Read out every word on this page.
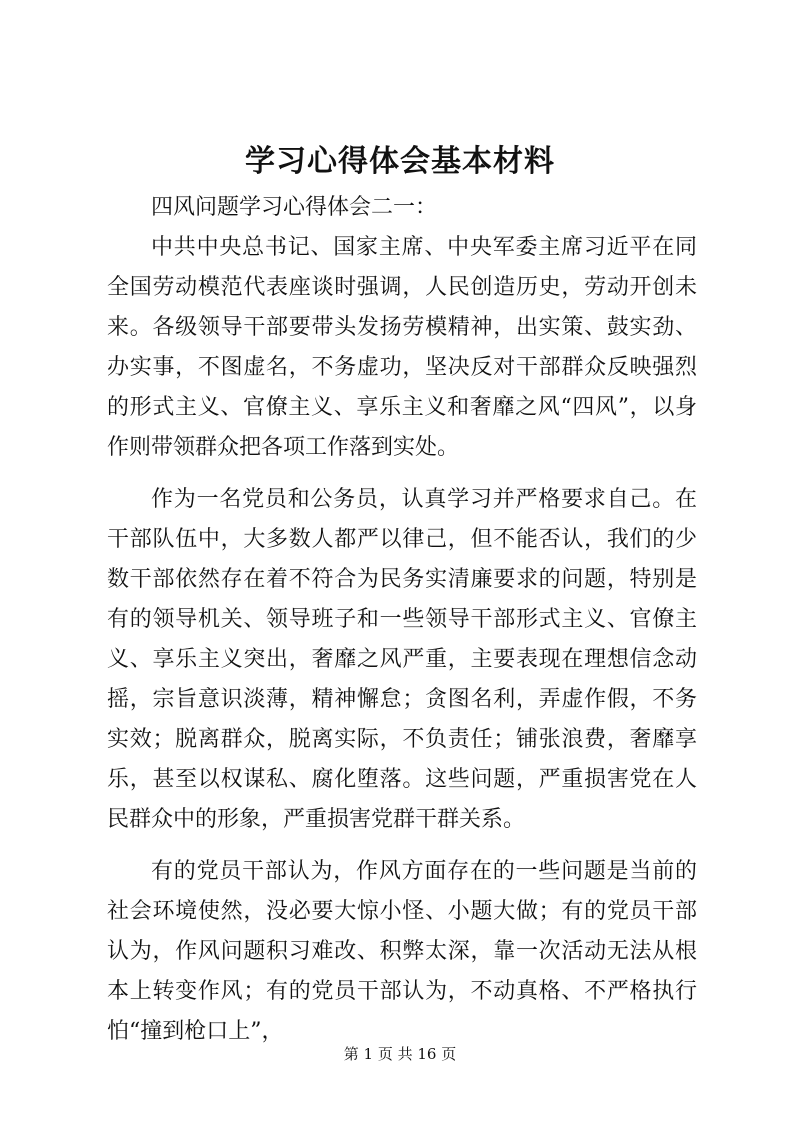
学习心得体会基本材料

四风问题学习心得体会二一：

中共中央总书记、国家主席、中央军委主席习近平在同全国劳动模范代表座谈时强调，人民创造历史，劳动开创未来。各级领导干部要带头发扬劳模精神，出实策、鼓实劲、办实事，不图虚名，不务虚功，坚决反对干部群众反映强烈的形式主义、官僚主义、享乐主义和奢靡之风“四风”，以身作则带领群众把各项工作落到实处。

作为一名党员和公务员，认真学习并严格要求自己。在干部队伍中，大多数人都严以律己，但不能否认，我们的少数干部依然存在着不符合为民务实清廉要求的问题，特别是有的领导机关、领导班子和一些领导干部形式主义、官僚主义、享乐主义突出，奢靡之风严重，主要表现在理想信念动摇，宗旨意识淡薄，精神懈怠；贪图名利，弄虚作假，不务实效；脱离群众，脱离实际，不负责任；铺张浪费，奢靡享乐，甚至以权谋私、腐化堕落。这些问题，严重损害党在人民群众中的形象，严重损害党群干群关系。

有的党员干部认为，作风方面存在的一些问题是当前的社会环境使然，没必要大惊小怪、小题大做；有的党员干部认为，作风问题积习难改、积弊太深，靠一次活动无法从根本上转变作风；有的党员干部认为，不动真格、不严格执行怕“撞到枪口上”，

第 1 页 共 16 页
